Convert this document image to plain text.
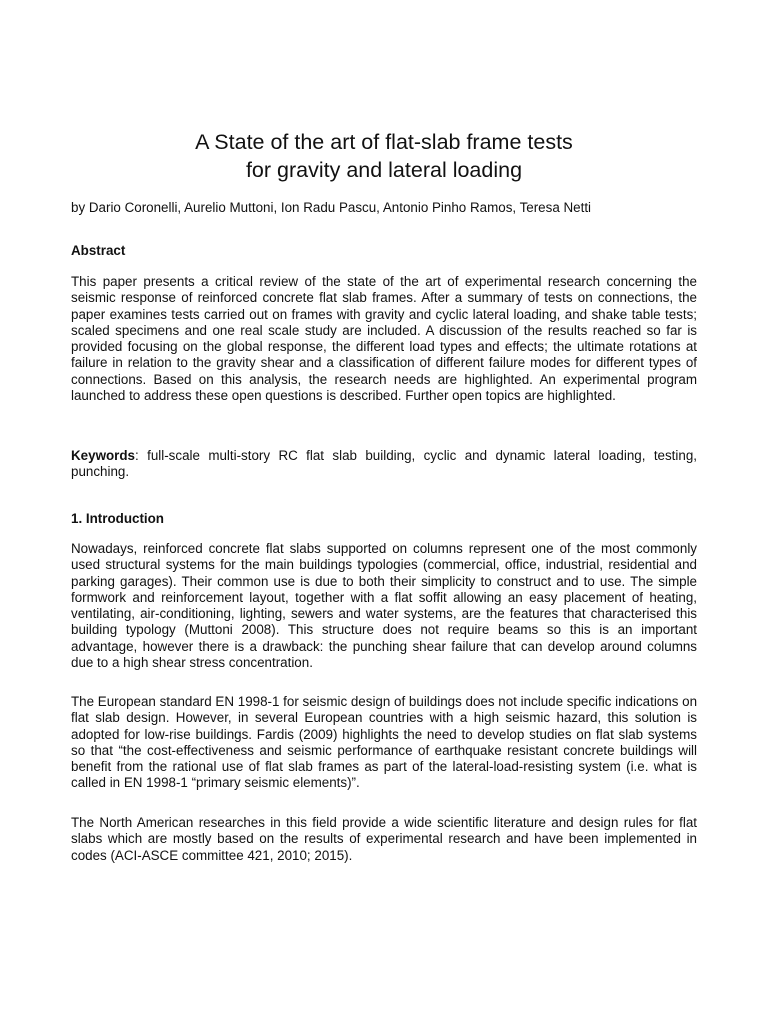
A State of the art of flat-slab frame tests
for gravity and lateral loading

by Dario Coronelli, Aurelio Muttoni, Ion Radu Pascu, Antonio Pinho Ramos, Teresa Netti

Abstract

This paper presents a critical review of the state of the art of experimental research concerning the seismic response of reinforced concrete flat slab frames. After a summary of tests on connections, the paper examines tests carried out on frames with gravity and cyclic lateral loading, and shake table tests; scaled specimens and one real scale study are included. A discussion of the results reached so far is provided focusing on the global response, the different load types and effects; the ultimate rotations at failure in relation to the gravity shear and a classification of different failure modes for different types of connections. Based on this analysis, the research needs are highlighted. An experimental program launched to address these open questions is described. Further open topics are highlighted.

Keywords: full-scale multi-story RC flat slab building, cyclic and dynamic lateral loading, testing, punching.

1. Introduction

Nowadays, reinforced concrete flat slabs supported on columns represent one of the most commonly used structural systems for the main buildings typologies (commercial, office, industrial, residential and parking garages). Their common use is due to both their simplicity to construct and to use. The simple formwork and reinforcement layout, together with a flat soffit allowing an easy placement of heating, ventilating, air-conditioning, lighting, sewers and water systems, are the features that characterised this building typology (Muttoni 2008). This structure does not require beams so this is an important advantage, however there is a drawback: the punching shear failure that can develop around columns due to a high shear stress concentration.

The European standard EN 1998-1 for seismic design of buildings does not include specific indications on flat slab design. However, in several European countries with a high seismic hazard, this solution is adopted for low-rise buildings. Fardis (2009) highlights the need to develop studies on flat slab systems so that “the cost-effectiveness and seismic performance of earthquake resistant concrete buildings will benefit from the rational use of flat slab frames as part of the lateral-load-resisting system (i.e. what is called in EN 1998-1 “primary seismic elements)”.

The North American researches in this field provide a wide scientific literature and design rules for flat slabs which are mostly based on the results of experimental research and have been implemented in codes (ACI-ASCE committee 421, 2010; 2015).
